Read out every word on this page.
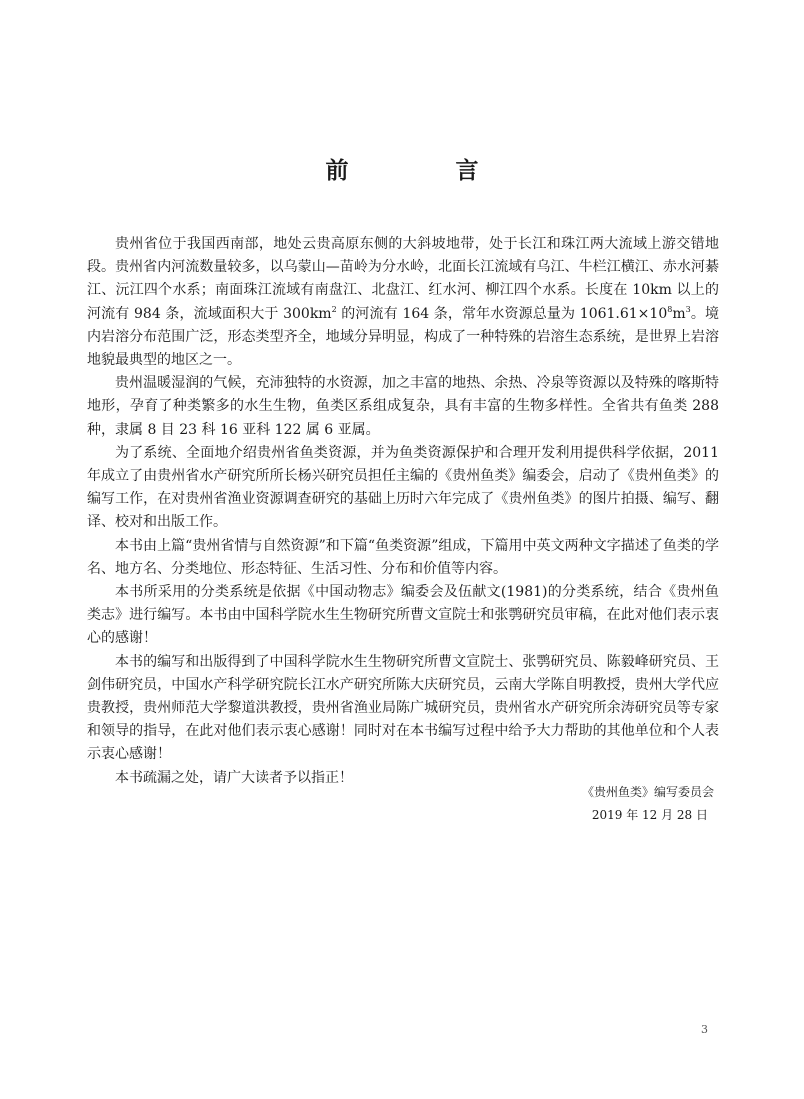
前　言

贵州省位于我国西南部，地处云贵高原东侧的大斜坡地带，处于长江和珠江两大流域上游交错地段。贵州省内河流数量较多，以乌蒙山—苗岭为分水岭，北面长江流域有乌江、牛栏江横江、赤水河綦江、沅江四个水系；南面珠江流域有南盘江、北盘江、红水河、柳江四个水系。长度在 10km 以上的河流有 984 条，流域面积大于 $300km^2$ 的河流有 164 条，常年水资源总量为 $1061.61\times 10^8m^3$。境内岩溶分布范围广泛，形态类型齐全，地域分异明显，构成了一种特殊的岩溶生态系统，是世界上岩溶地貌最典型的地区之一。

贵州温暖湿润的气候，充沛独特的水资源，加之丰富的地热、余热、冷泉等资源以及特殊的喀斯特地形，孕育了种类繁多的水生生物，鱼类区系组成复杂，具有丰富的生物多样性。全省共有鱼类 288 种，隶属 8 目 23 科 16 亚科 122 属 6 亚属。

为了系统、全面地介绍贵州省鱼类资源，并为鱼类资源保护和合理开发利用提供科学依据，2011 年成立了由贵州省水产研究所所长杨兴研究员担任主编的《贵州鱼类》编委会，启动了《贵州鱼类》的编写工作，在对贵州省渔业资源调查研究的基础上历时六年完成了《贵州鱼类》的图片拍摄、编写、翻译、校对和出版工作。

本书由上篇“贵州省情与自然资源”和下篇“鱼类资源”组成，下篇用中英文两种文字描述了鱼类的学名、地方名、分类地位、形态特征、生活习性、分布和价值等内容。

本书所采用的分类系统是依据《中国动物志》编委会及伍献文(1981)的分类系统，结合《贵州鱼类志》进行编写。本书由中国科学院水生生物研究所曹文宣院士和张鹗研究员审稿，在此对他们表示衷心的感谢！

本书的编写和出版得到了中国科学院水生生物研究所曹文宣院士、张鹗研究员、陈毅峰研究员、王剑伟研究员，中国水产科学研究院长江水产研究所陈大庆研究员，云南大学陈自明教授，贵州大学代应贵教授，贵州师范大学黎道洪教授，贵州省渔业局陈广城研究员，贵州省水产研究所余涛研究员等专家和领导的指导，在此对他们表示衷心感谢！同时对在本书编写过程中给予大力帮助的其他单位和个人表示衷心感谢！

本书疏漏之处，请广大读者予以指正！

《贵州鱼类》编写委员会
2019 年 12 月 28 日
3
